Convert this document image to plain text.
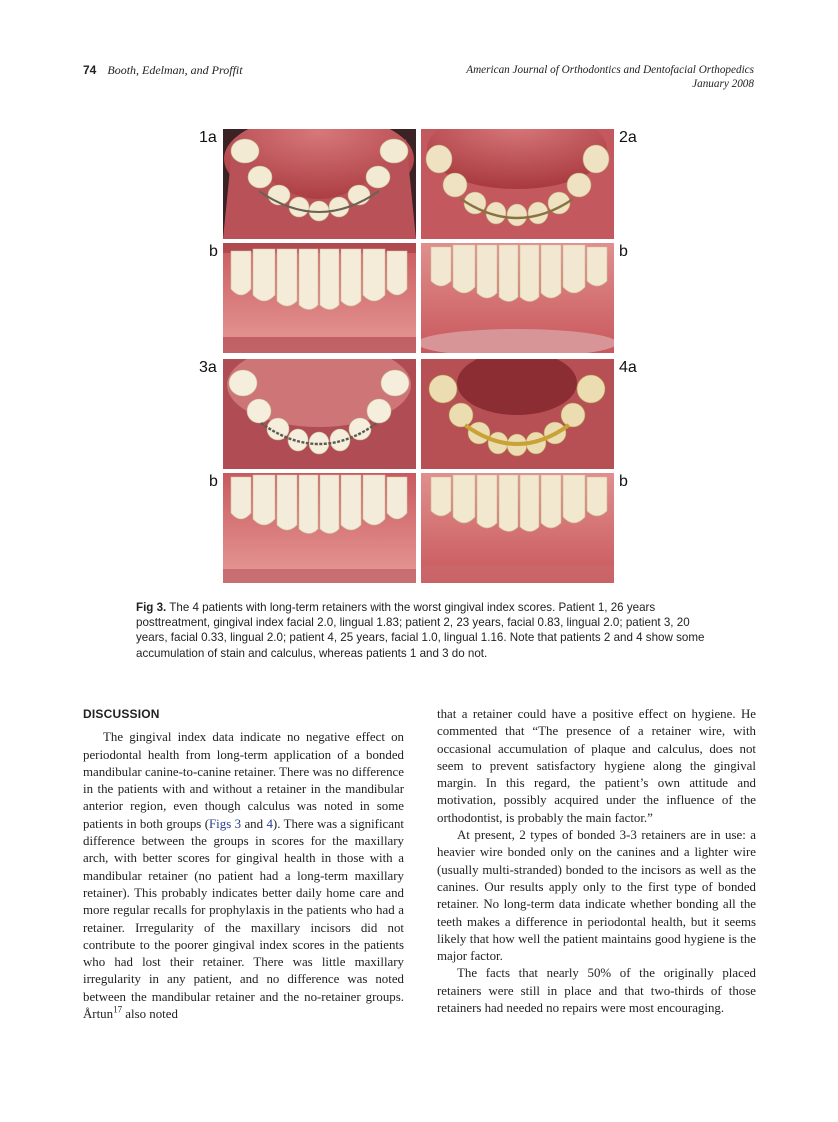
74 Booth, Edelman, and Proffit	American Journal of Orthodontics and Dentofacial Orthopedics
January 2008
1a	2a
b	b
3a	4a
b	b
Fig 3. The 4 patients with long-term retainers with the worst gingival index scores. Patient 1, 26 years posttreatment, gingival index facial 2.0, lingual 1.83; patient 2, 23 years, facial 0.83, lingual 2.0; patient 3, 20 years, facial 0.33, lingual 2.0; patient 4, 25 years, facial 1.0, lingual 1.16. Note that patients 2 and 4 show some accumulation of stain and calculus, whereas patients 1 and 3 do not.
DISCUSSION

The gingival index data indicate no negative effect on periodontal health from long-term application of a bonded mandibular canine-to-canine retainer. There was no difference in the patients with and without a retainer in the mandibular anterior region, even though calculus was noted in some patients in both groups (Figs 3 and 4). There was a significant difference between the groups in scores for the maxillary arch, with better scores for gingival health in those with a mandibular retainer (no patient had a long-term maxillary retainer). This probably indicates better daily home care and more regular recalls for prophylaxis in the patients who had a retainer. Irregularity of the maxillary incisors did not contribute to the poorer gingival index scores in the patients who had lost their retainer. There was little maxillary irregularity in any patient, and no difference was noted between the mandibular retainer and the no-retainer groups. Årtun$^{17}$ also noted

that a retainer could have a positive effect on hygiene. He commented that “The presence of a retainer wire, with occasional accumulation of plaque and calculus, does not seem to prevent satisfactory hygiene along the gingival margin. In this regard, the patient’s own attitude and motivation, possibly acquired under the influence of the orthodontist, is probably the main factor.”

At present, 2 types of bonded 3-3 retainers are in use: a heavier wire bonded only on the canines and a lighter wire (usually multi-stranded) bonded to the incisors as well as the canines. Our results apply only to the first type of bonded retainer. No long-term data indicate whether bonding all the teeth makes a difference in periodontal health, but it seems likely that how well the patient maintains good hygiene is the major factor.

The facts that nearly 50% of the originally placed retainers were still in place and that two-thirds of those retainers had needed no repairs were most encouraging.
